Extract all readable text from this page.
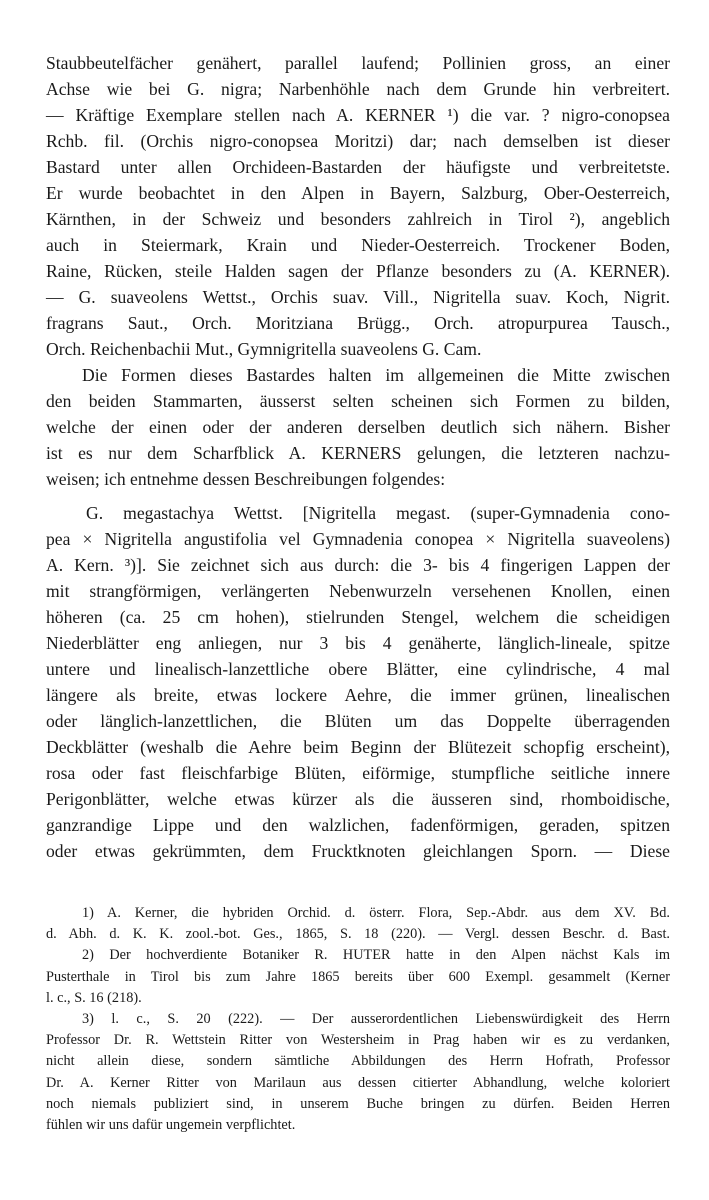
Staubbeutelfächer genähert, parallel laufend; Pollinien gross, an einer
Achse wie bei G. nigra; Narbenhöhle nach dem Grunde hin verbreitert.
— Kräftige Exemplare stellen nach A. KERNER ¹) die var. ? nigro-conopsea
Rchb. fil. (Orchis nigro-conopsea Moritzi) dar; nach demselben ist dieser
Bastard unter allen Orchideen-Bastarden der häufigste und verbreitetste.
Er wurde beobachtet in den Alpen in Bayern, Salzburg, Ober-Oesterreich,
Kärnthen, in der Schweiz und besonders zahlreich in Tirol ²), angeblich
auch in Steiermark, Krain und Nieder-Oesterreich. Trockener Boden,
Raine, Rücken, steile Halden sagen der Pflanze besonders zu (A. KERNER).
— G. suaveolens Wettst., Orchis suav. Vill., Nigritella suav. Koch, Nigrit.
fragrans Saut., Orch. Moritziana Brügg., Orch. atropurpurea Tausch.,
Orch. Reichenbachii Mut., Gymnigritella suaveolens G. Cam.
Die Formen dieses Bastardes halten im allgemeinen die Mitte zwischen
den beiden Stammarten, äusserst selten scheinen sich Formen zu bilden,
welche der einen oder der anderen derselben deutlich sich nähern. Bisher
ist es nur dem Scharfblick A. KERNERS gelungen, die letzteren nachzu-
weisen; ich entnehme dessen Beschreibungen folgendes:
G. megastachya Wettst. [Nigritella megast. (super-Gymnadenia cono-
pea × Nigritella angustifolia vel Gymnadenia conopea × Nigritella suaveolens)
A. Kern. ³)]. Sie zeichnet sich aus durch: die 3- bis 4 fingerigen Lappen der
mit strangförmigen, verlängerten Nebenwurzeln versehenen Knollen, einen
höheren (ca. 25 cm hohen), stielrunden Stengel, welchem die scheidigen
Niederblätter eng anliegen, nur 3 bis 4 genäherte, länglich-lineale, spitze
untere und linealisch-lanzettliche obere Blätter, eine cylindrische, 4 mal
längere als breite, etwas lockere Aehre, die immer grünen, linealischen
oder länglich-lanzettlichen, die Blüten um das Doppelte überragenden
Deckblätter (weshalb die Aehre beim Beginn der Blütezeit schopfig erscheint),
rosa oder fast fleischfarbige Blüten, eiförmige, stumpfliche seitliche innere
Perigonblätter, welche etwas kürzer als die äusseren sind, rhomboidische,
ganzrandige Lippe und den walzlichen, fadenförmigen, geraden, spitzen
oder etwas gekrümmten, dem Frucktknoten gleichlangen Sporn. — Diese
1) A. Kerner, die hybriden Orchid. d. österr. Flora, Sep.-Abdr. aus dem XV. Bd.
d. Abh. d. K. K. zool.-bot. Ges., 1865, S. 18 (220). — Vergl. dessen Beschr. d. Bast.
2) Der hochverdiente Botaniker R. HUTER hatte in den Alpen nächst Kals im
Pusterthale in Tirol bis zum Jahre 1865 bereits über 600 Exempl. gesammelt (Kerner
l. c., S. 16 (218).
3) l. c., S. 20 (222). — Der ausserordentlichen Liebenswürdigkeit des Herrn
Professor Dr. R. Wettstein Ritter von Westersheim in Prag haben wir es zu verdanken,
nicht allein diese, sondern sämtliche Abbildungen des Herrn Hofrath, Professor
Dr. A. Kerner Ritter von Marilaun aus dessen citierter Abhandlung, welche koloriert
noch niemals publiziert sind, in unserem Buche bringen zu dürfen. Beiden Herren
fühlen wir uns dafür ungemein verpflichtet.
